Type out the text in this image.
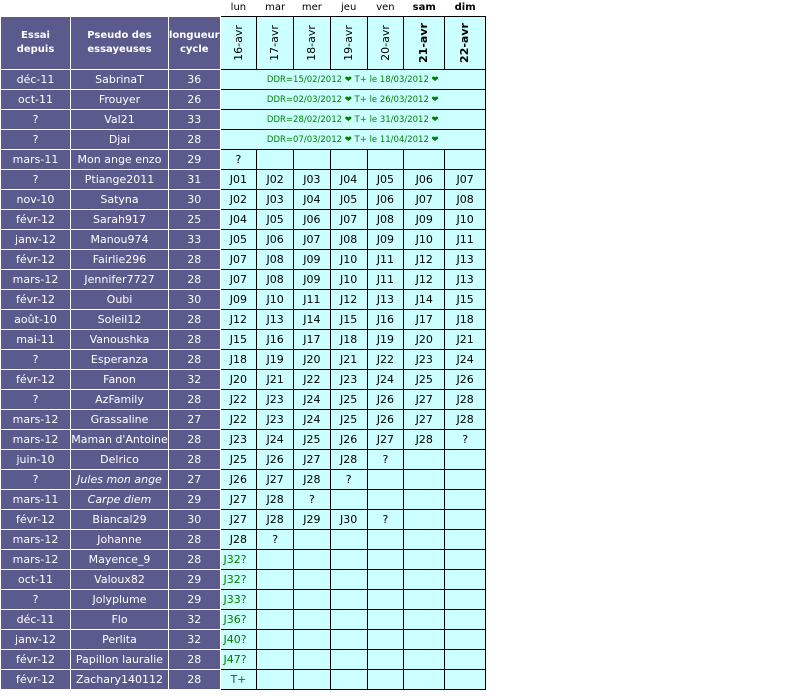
			lun	mar	mer	jeu	ven	sam	dim
Essai depuis	Pseudo des essayeuses	longueur cycle	16-avr	17-avr	18-avr	19-avr	20-avr	21-avr	22-avr
déc-11	SabrinaT	36	DDR=15/02/2012 ❤ T+ le 18/03/2012 ❤						
oct-11	Frouyer	26	DDR=02/03/2012 ❤ T+ le 26/03/2012 ❤						
?	Val21	33	DDR=28/02/2012 ❤ T+ le 31/03/2012 ❤						
?	Djai	28	DDR=07/03/2012 ❤ T+ le 11/04/2012 ❤						
mars-11	Mon ange enzo	29	?						
?	Ptiange2011	31	J01	J02	J03	J04	J05	J06	J07
nov-10	Satyna	30	J02	J03	J04	J05	J06	J07	J08
févr-12	Sarah917	25	J04	J05	J06	J07	J08	J09	J10
janv-12	Manou974	33	J05	J06	J07	J08	J09	J10	J11
févr-12	Fairlie296	28	J07	J08	J09	J10	J11	J12	J13
mars-12	Jennifer7727	28	J07	J08	J09	J10	J11	J12	J13
févr-12	Oubi	30	J09	J10	J11	J12	J13	J14	J15
août-10	Soleil12	28	J12	J13	J14	J15	J16	J17	J18
mai-11	Vanoushka	28	J15	J16	J17	J18	J19	J20	J21
?	Esperanza	28	J18	J19	J20	J21	J22	J23	J24
févr-12	Fanon	32	J20	J21	J22	J23	J24	J25	J26
?	AzFamily	28	J22	J23	J24	J25	J26	J27	J28
mars-12	Grassaline	27	J22	J23	J24	J25	J26	J27	J28
mars-12	Maman d'Antoine	28	J23	J24	J25	J26	J27	J28	?
juin-10	Delrico	28	J25	J26	J27	J28	?		
?	Jules mon ange	27	J26	J27	J28	?			
mars-11	Carpe diem	29	J27	J28	?				
févr-12	Biancal29	30	J27	J28	J29	J30	?		
mars-12	Johanne	28	J28	?					
mars-12	Mayence_9	28	J32?						
oct-11	Valoux82	29	J32?						
?	Jolyplume	29	J33?						
déc-11	Flo	32	J36?						
janv-12	Perlita	32	J40?						
févr-12	Papillon lauralie	28	J47?						
févr-12	Zachary140112	28	T+						
